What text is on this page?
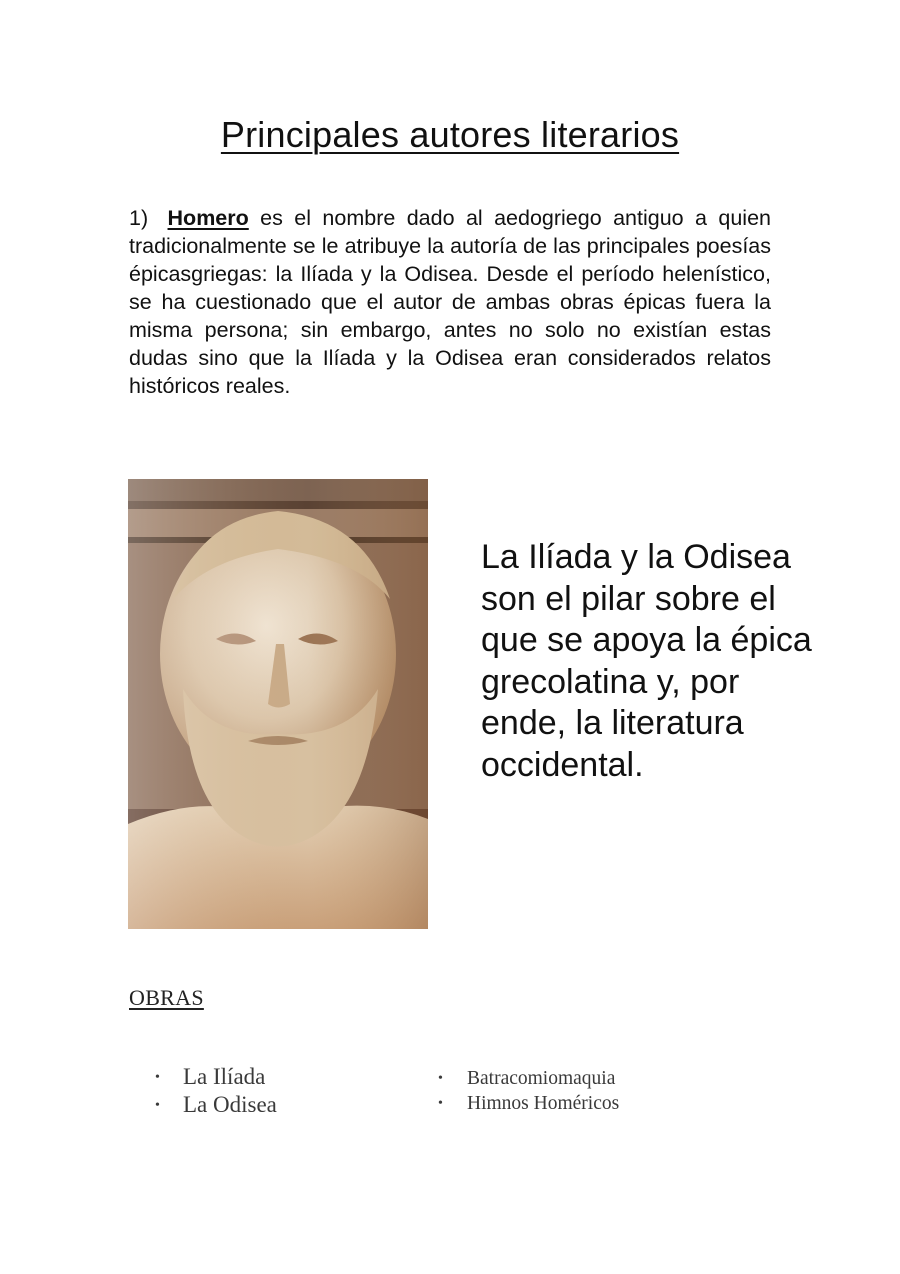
Principales autores literarios

1) Homero es el nombre dado al aedogriego antiguo a quien tradicionalmente se le atribuye la autoría de las principales poesías épicasgriegas: la Ilíada y la Odisea. Desde el período helenístico, se ha cuestionado que el autor de ambas obras épicas fuera la misma persona; sin embargo, antes no solo no existían estas dudas sino que la Ilíada y la Odisea eran considerados relatos históricos reales.

La Ilíada y la Odisea son el pilar sobre el que se apoya la épica grecolatina y, por ende, la literatura occidental.

OBRAS
• La Ilíada
• La Odisea
• Batracomiomaquia
• Himnos Homéricos
